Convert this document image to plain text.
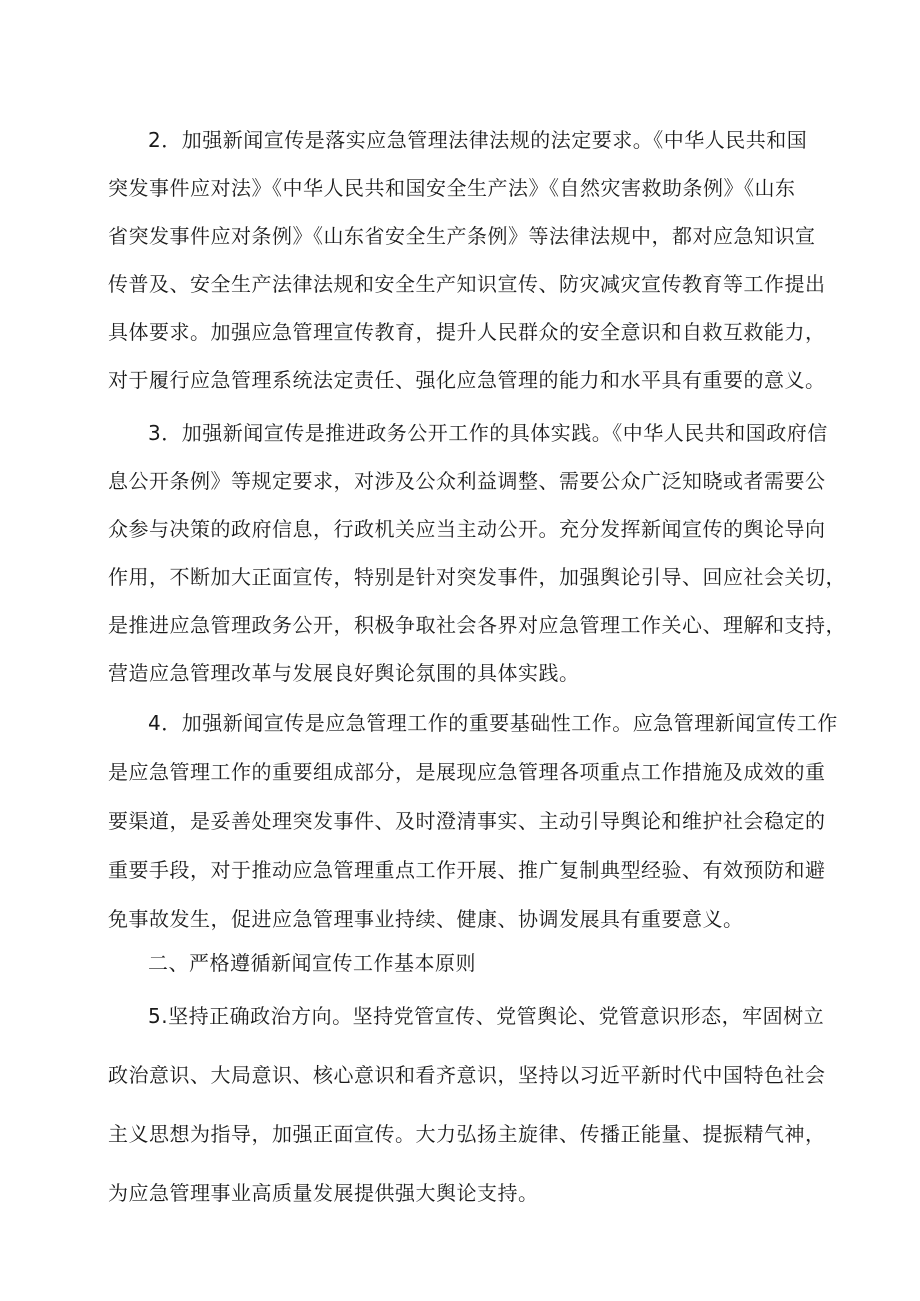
2．加强新闻宣传是落实应急管理法律法规的法定要求。《中华人民共和国
突发事件应对法》《中华人民共和国安全生产法》《自然灾害救助条例》《山东
省突发事件应对条例》《山东省安全生产条例》等法律法规中，都对应急知识宣
传普及、安全生产法律法规和安全生产知识宣传、防灾减灾宣传教育等工作提出
具体要求。加强应急管理宣传教育，提升人民群众的安全意识和自救互救能力，
对于履行应急管理系统法定责任、强化应急管理的能力和水平具有重要的意义。
3．加强新闻宣传是推进政务公开工作的具体实践。《中华人民共和国政府信
息公开条例》等规定要求，对涉及公众利益调整、需要公众广泛知晓或者需要公
众参与决策的政府信息，行政机关应当主动公开。充分发挥新闻宣传的舆论导向
作用，不断加大正面宣传，特别是针对突发事件，加强舆论引导、回应社会关切，
是推进应急管理政务公开，积极争取社会各界对应急管理工作关心、理解和支持，
营造应急管理改革与发展良好舆论氛围的具体实践。
4．加强新闻宣传是应急管理工作的重要基础性工作。应急管理新闻宣传工作
是应急管理工作的重要组成部分，是展现应急管理各项重点工作措施及成效的重
要渠道，是妥善处理突发事件、及时澄清事实、主动引导舆论和维护社会稳定的
重要手段，对于推动应急管理重点工作开展、推广复制典型经验、有效预防和避
免事故发生，促进应急管理事业持续、健康、协调发展具有重要意义。
二、严格遵循新闻宣传工作基本原则
5.坚持正确政治方向。坚持党管宣传、党管舆论、党管意识形态，牢固树立
政治意识、大局意识、核心意识和看齐意识，坚持以习近平新时代中国特色社会
主义思想为指导，加强正面宣传。大力弘扬主旋律、传播正能量、提振精气神，
为应急管理事业高质量发展提供强大舆论支持。
